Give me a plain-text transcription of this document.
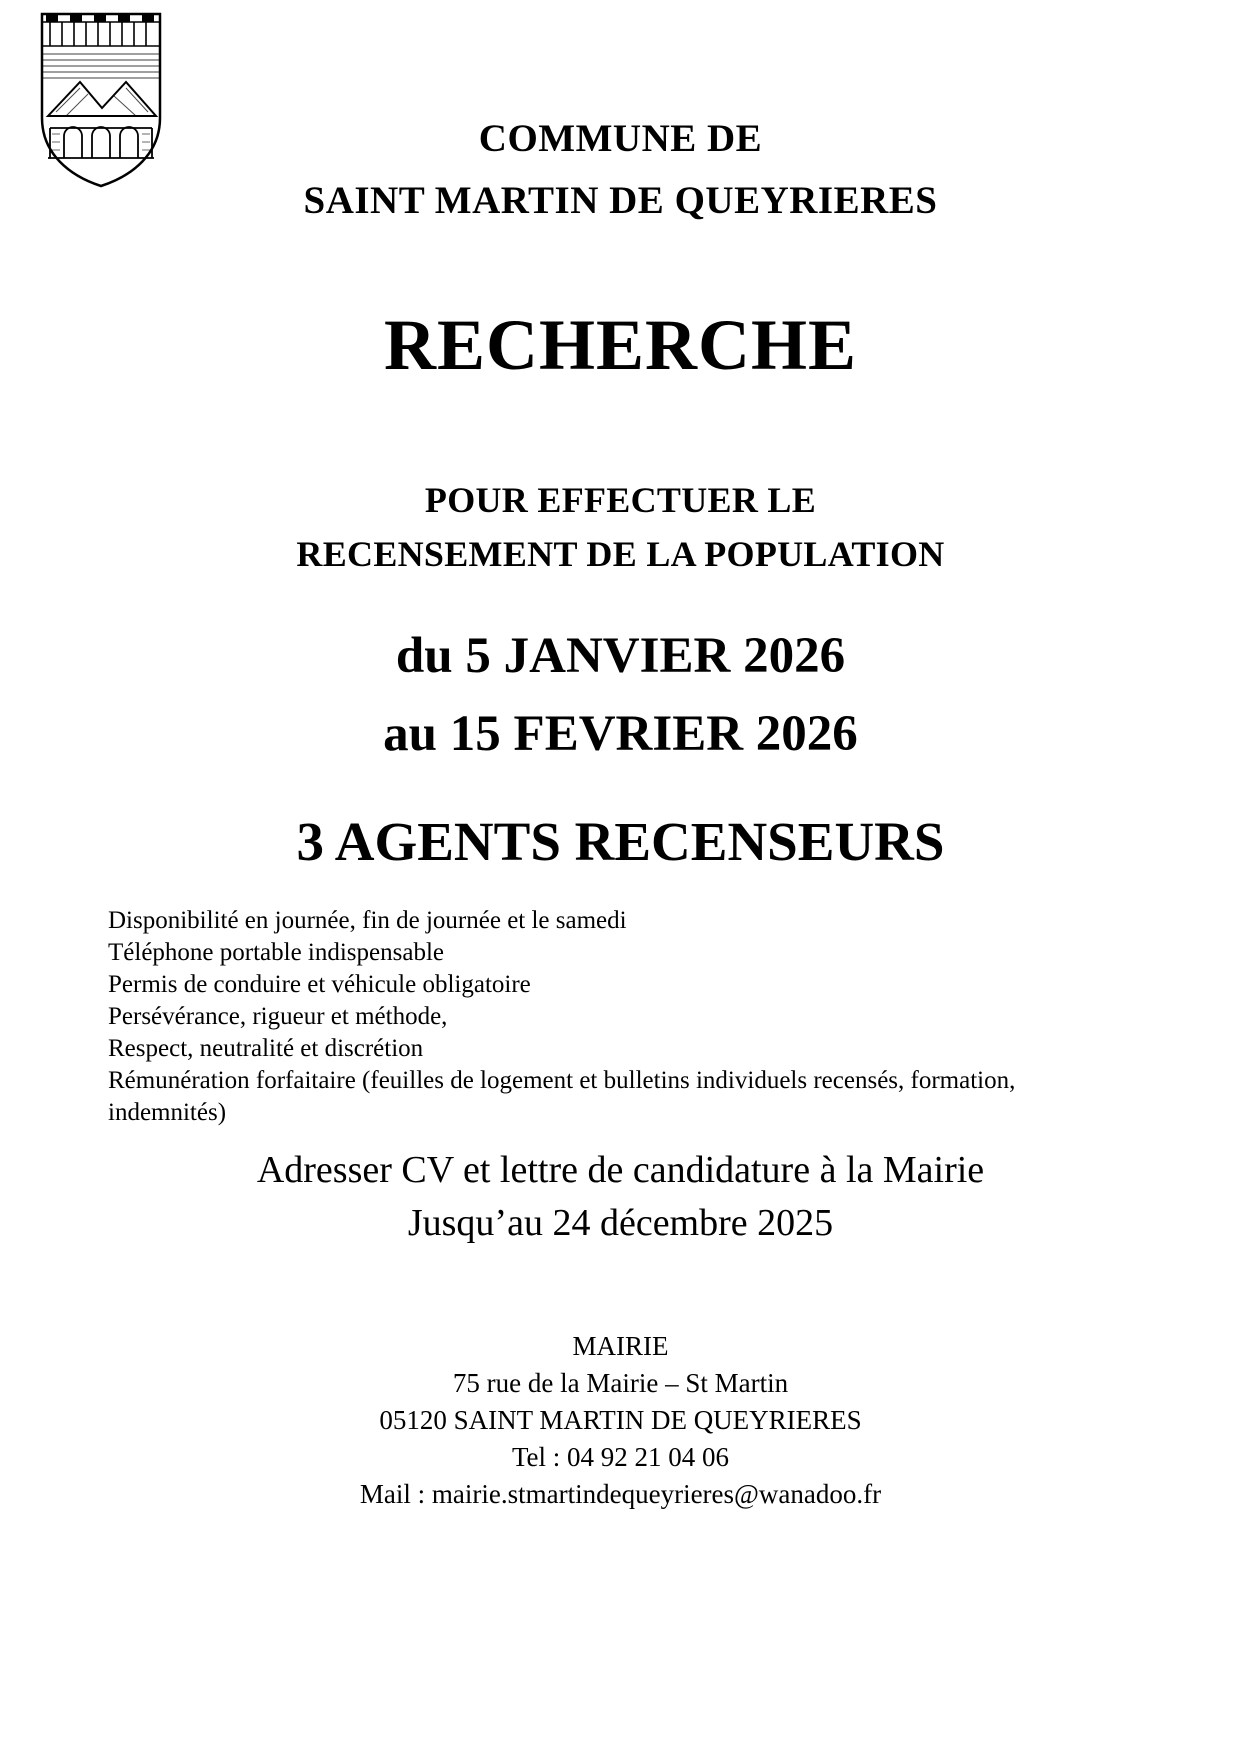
COMMUNE DE
SAINT MARTIN DE QUEYRIERES
RECHERCHE
POUR EFFECTUER LE
RECENSEMENT DE LA POPULATION
du 5 JANVIER 2026
au 15 FEVRIER 2026
3 AGENTS RECENSEURS
Disponibilité en journée, fin de journée et le samedi
Téléphone portable indispensable
Permis de conduire et véhicule obligatoire
Persévérance, rigueur et méthode,
Respect, neutralité et discrétion
Rémunération forfaitaire (feuilles de logement et bulletins individuels recensés, formation, indemnités)
Adresser CV et lettre de candidature à la Mairie
Jusqu’au 24 décembre 2025
MAIRIE
75 rue de la Mairie – St Martin
05120 SAINT MARTIN DE QUEYRIERES
Tel : 04 92 21 04 06
Mail : mairie.stmartindequeyrieres@wanadoo.fr
